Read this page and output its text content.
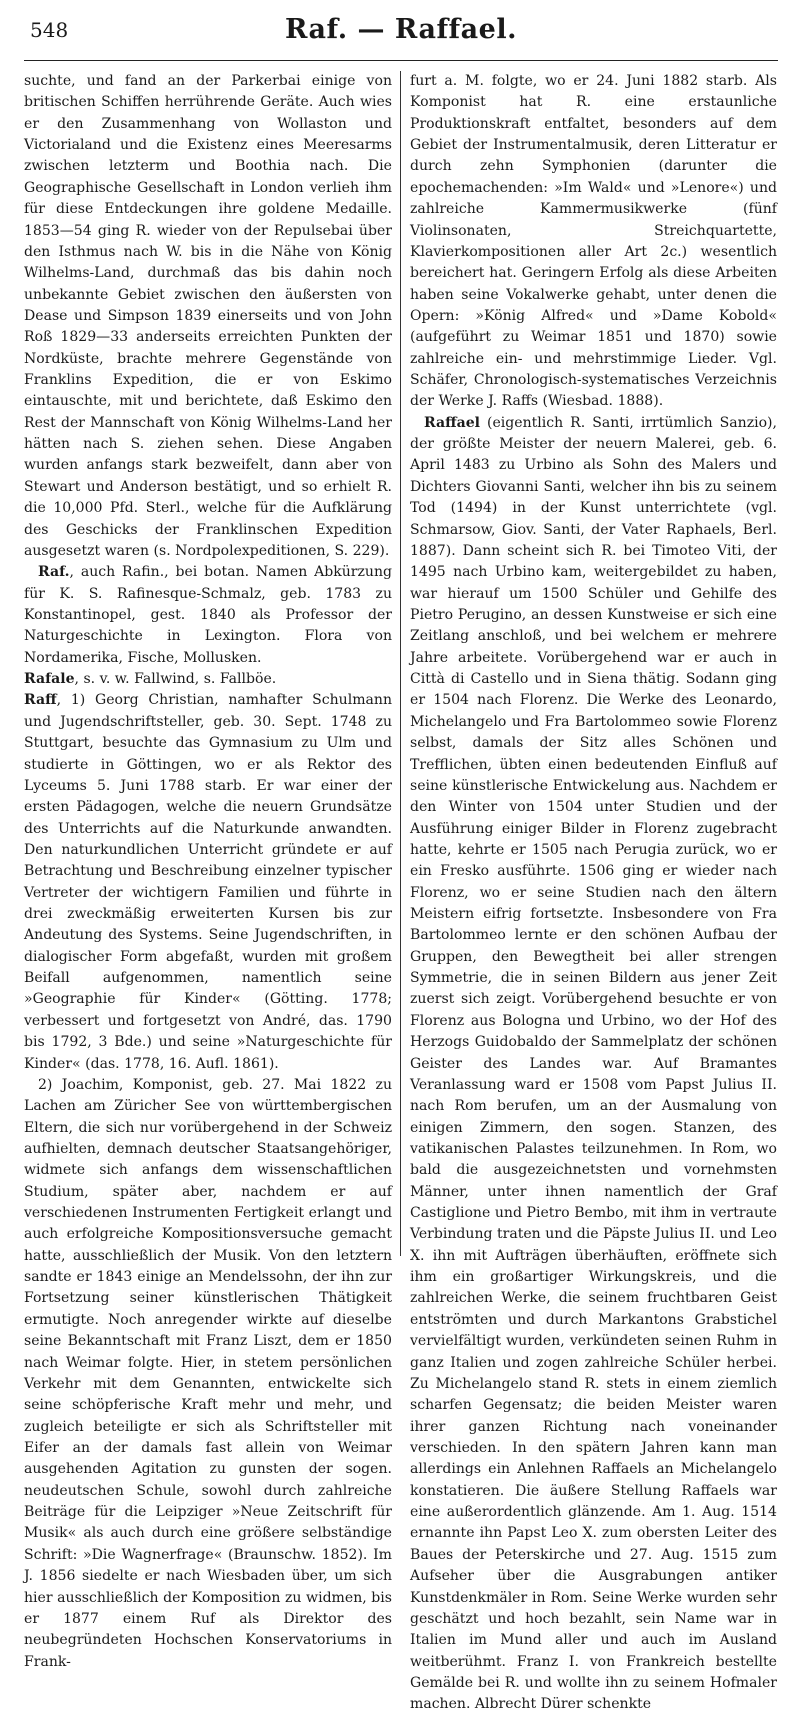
548	Raf. — Raffael.

suchte, und fand an der Parkerbai einige von britischen Schiffen herrührende Geräte. Auch wies er den Zusammenhang von Wollaston und Victorialand und die Existenz eines Meeresarms zwischen letzterm und Boothia nach. Die Geographische Gesellschaft in London verlieh ihm für diese Entdeckungen ihre goldene Medaille. 1853—54 ging R. wieder von der Repulsebai über den Isthmus nach W. bis in die Nähe von König Wilhelms-Land, durchmaß das bis dahin noch unbekannte Gebiet zwischen den äußersten von Dease und Simpson 1839 einerseits und von John Roß 1829—33 anderseits erreichten Punkten der Nordküste, brachte mehrere Gegenstände von Franklins Expedition, die er von Eskimo eintauschte, mit und berichtete, daß Eskimo den Rest der Mannschaft von König Wilhelms-Land her hätten nach S. ziehen sehen. Diese Angaben wurden anfangs stark bezweifelt, dann aber von Stewart und Anderson bestätigt, und so erhielt R. die 10,000 Pfd. Sterl., welche für die Aufklärung des Geschicks der Franklinschen Expedition ausgesetzt waren (s. Nordpolexpeditionen, S. 229).

Raf., auch Rafin., bei botan. Namen Abkürzung für K. S. Rafinesque-Schmalz, geb. 1783 zu Konstantinopel, gest. 1840 als Professor der Naturgeschichte in Lexington. Flora von Nordamerika, Fische, Mollusken.

Rafale, s. v. w. Fallwind, s. Fallböe.

Raff, 1) Georg Christian, namhafter Schulmann und Jugendschriftsteller, geb. 30. Sept. 1748 zu Stuttgart, besuchte das Gymnasium zu Ulm und studierte in Göttingen, wo er als Rektor des Lyceums 5. Juni 1788 starb. Er war einer der ersten Pädagogen, welche die neuern Grundsätze des Unterrichts auf die Naturkunde anwandten. Den naturkundlichen Unterricht gründete er auf Betrachtung und Beschreibung einzelner typischer Vertreter der wichtigern Familien und führte in drei zweckmäßig erweiterten Kursen bis zur Andeutung des Systems. Seine Jugendschriften, in dialogischer Form abgefaßt, wurden mit großem Beifall aufgenommen, namentlich seine »Geographie für Kinder« (Götting. 1778; verbessert und fortgesetzt von André, das. 1790 bis 1792, 3 Bde.) und seine »Naturgeschichte für Kinder« (das. 1778, 16. Aufl. 1861).

2) Joachim, Komponist, geb. 27. Mai 1822 zu Lachen am Züricher See von württembergischen Eltern, die sich nur vorübergehend in der Schweiz aufhielten, demnach deutscher Staatsangehöriger, widmete sich anfangs dem wissenschaftlichen Studium, später aber, nachdem er auf verschiedenen Instrumenten Fertigkeit erlangt und auch erfolgreiche Kompositionsversuche gemacht hatte, ausschließlich der Musik. Von den letztern sandte er 1843 einige an Mendelssohn, der ihn zur Fortsetzung seiner künstlerischen Thätigkeit ermutigte. Noch anregender wirkte auf dieselbe seine Bekanntschaft mit Franz Liszt, dem er 1850 nach Weimar folgte. Hier, in stetem persönlichen Verkehr mit dem Genannten, entwickelte sich seine schöpferische Kraft mehr und mehr, und zugleich beteiligte er sich als Schriftsteller mit Eifer an der damals fast allein von Weimar ausgehenden Agitation zu gunsten der sogen. neudeutschen Schule, sowohl durch zahlreiche Beiträge für die Leipziger »Neue Zeitschrift für Musik« als auch durch eine größere selbständige Schrift: »Die Wagnerfrage« (Braunschw. 1852). Im J. 1856 siedelte er nach Wiesbaden über, um sich hier ausschließlich der Komposition zu widmen, bis er 1877 einem Ruf als Direktor des neubegründeten Hochschen Konservatoriums in Frank-

furt a. M. folgte, wo er 24. Juni 1882 starb. Als Komponist hat R. eine erstaunliche Produktionskraft entfaltet, besonders auf dem Gebiet der Instrumentalmusik, deren Litteratur er durch zehn Symphonien (darunter die epochemachenden: »Im Wald« und »Lenore«) und zahlreiche Kammermusikwerke (fünf Violinsonaten, Streichquartette, Klavierkompositionen aller Art 2c.) wesentlich bereichert hat. Geringern Erfolg als diese Arbeiten haben seine Vokalwerke gehabt, unter denen die Opern: »König Alfred« und »Dame Kobold« (aufgeführt zu Weimar 1851 und 1870) sowie zahlreiche ein- und mehrstimmige Lieder. Vgl. Schäfer, Chronologisch-systematisches Verzeichnis der Werke J. Raffs (Wiesbad. 1888).

Raffael (eigentlich R. Santi, irrtümlich Sanzio), der größte Meister der neuern Malerei, geb. 6. April 1483 zu Urbino als Sohn des Malers und Dichters Giovanni Santi, welcher ihn bis zu seinem Tod (1494) in der Kunst unterrichtete (vgl. Schmarsow, Giov. Santi, der Vater Raphaels, Berl. 1887). Dann scheint sich R. bei Timoteo Viti, der 1495 nach Urbino kam, weitergebildet zu haben, war hierauf um 1500 Schüler und Gehilfe des Pietro Perugino, an dessen Kunstweise er sich eine Zeitlang anschloß, und bei welchem er mehrere Jahre arbeitete. Vorübergehend war er auch in Città di Castello und in Siena thätig. Sodann ging er 1504 nach Florenz. Die Werke des Leonardo, Michelangelo und Fra Bartolommeo sowie Florenz selbst, damals der Sitz alles Schönen und Trefflichen, übten einen bedeutenden Einfluß auf seine künstlerische Entwickelung aus. Nachdem er den Winter von 1504 unter Studien und der Ausführung einiger Bilder in Florenz zugebracht hatte, kehrte er 1505 nach Perugia zurück, wo er ein Fresko ausführte. 1506 ging er wieder nach Florenz, wo er seine Studien nach den ältern Meistern eifrig fortsetzte. Insbesondere von Fra Bartolommeo lernte er den schönen Aufbau der Gruppen, den Bewegtheit bei aller strengen Symmetrie, die in seinen Bildern aus jener Zeit zuerst sich zeigt. Vorübergehend besuchte er von Florenz aus Bologna und Urbino, wo der Hof des Herzogs Guidobaldo der Sammelplatz der schönen Geister des Landes war. Auf Bramantes Veranlassung ward er 1508 vom Papst Julius II. nach Rom berufen, um an der Ausmalung von einigen Zimmern, den sogen. Stanzen, des vatikanischen Palastes teilzunehmen. In Rom, wo bald die ausgezeichnetsten und vornehmsten Männer, unter ihnen namentlich der Graf Castiglione und Pietro Bembo, mit ihm in vertraute Verbindung traten und die Päpste Julius II. und Leo X. ihn mit Aufträgen überhäuften, eröffnete sich ihm ein großartiger Wirkungskreis, und die zahlreichen Werke, die seinem fruchtbaren Geist entströmten und durch Markantons Grabstichel vervielfältigt wurden, verkündeten seinen Ruhm in ganz Italien und zogen zahlreiche Schüler herbei. Zu Michelangelo stand R. stets in einem ziemlich scharfen Gegensatz; die beiden Meister waren ihrer ganzen Richtung nach voneinander verschieden. In den spätern Jahren kann man allerdings ein Anlehnen Raffaels an Michelangelo konstatieren. Die äußere Stellung Raffaels war eine außerordentlich glänzende. Am 1. Aug. 1514 ernannte ihn Papst Leo X. zum obersten Leiter des Baues der Peterskirche und 27. Aug. 1515 zum Aufseher über die Ausgrabungen antiker Kunstdenkmäler in Rom. Seine Werke wurden sehr geschätzt und hoch bezahlt, sein Name war in Italien im Mund aller und auch im Ausland weitberühmt. Franz I. von Frankreich bestellte Gemälde bei R. und wollte ihn zu seinem Hofmaler machen. Albrecht Dürer schenkte
